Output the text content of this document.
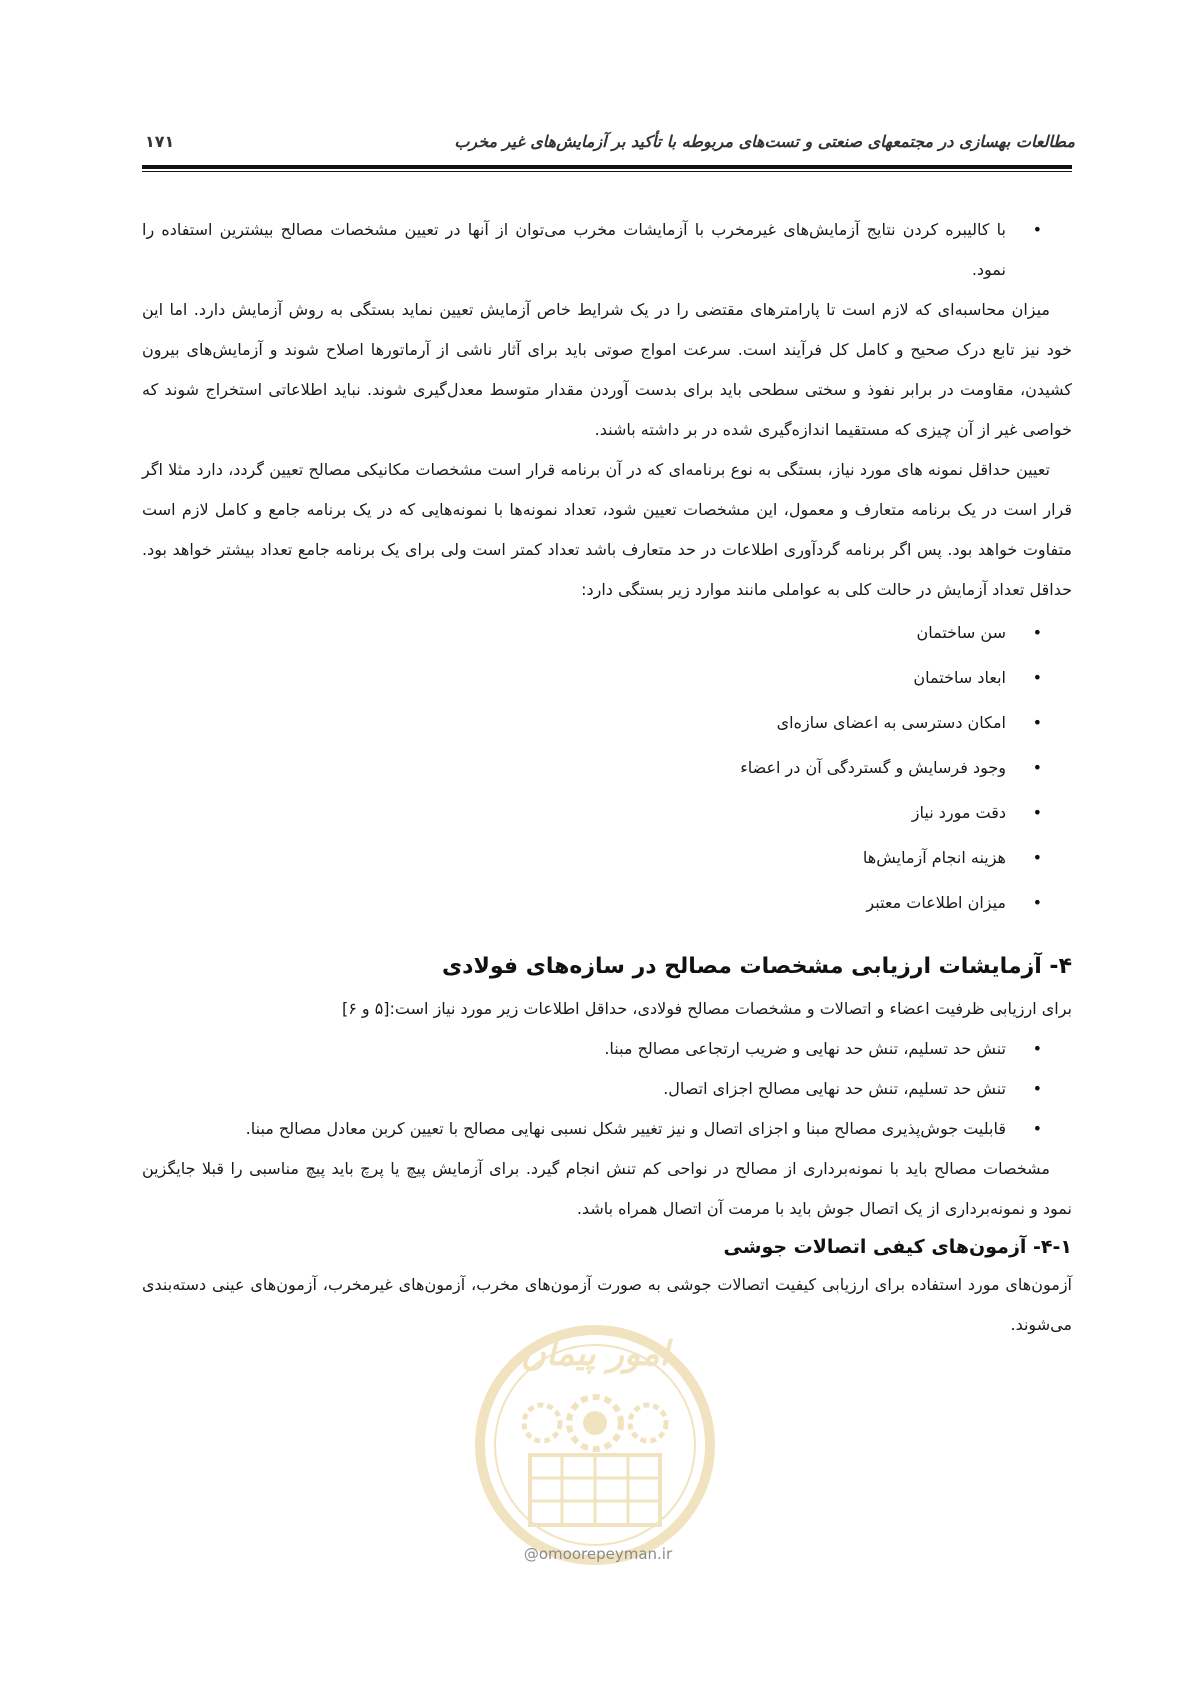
مطالعات بهسازی در مجتمعهای صنعتی و تست‌های مربوطه با تأکید بر آزمایش‌های غیر مخرب
۱۷۱
• با کالیبره کردن نتایج آزمایش‌های غیرمخرب با آزمایشات مخرب می‌توان از آنها در تعیین مشخصات مصالح بیشترین استفاده را نمود.

میزان محاسبه‌ای که لازم است تا پارامترهای مقتضی را در یک شرایط خاص آزمایش تعیین نماید بستگی به روش آزمایش دارد. اما این خود نیز تابع درک صحیح و کامل کل فرآیند است. سرعت امواج صوتی باید برای آثار ناشی از آرماتورها اصلاح شوند و آزمایش‌های بیرون کشیدن، مقاومت در برابر نفوذ و سختی سطحی باید برای بدست آوردن مقدار متوسط معدل‌گیری شوند. نباید اطلاعاتی استخراج شوند که خواصی غیر از آن چیزی که مستقیما اندازه‌گیری شده در بر داشته باشند.

تعیین حداقل نمونه های مورد نیاز، بستگی به نوع برنامه‌ای که در آن برنامه قرار است مشخصات مکانیکی مصالح تعیین گردد، دارد مثلا اگر قرار است در یک برنامه متعارف و معمول، این مشخصات تعیین شود، تعداد نمونه‌ها با نمونه‌هایی که در یک برنامه جامع و کامل لازم است متفاوت خواهد بود. پس اگر برنامه گردآوری اطلاعات در حد متعارف باشد تعداد کمتر است ولی برای یک برنامه جامع تعداد بیشتر خواهد بود. حداقل تعداد آزمایش در حالت کلی به عواملی مانند موارد زیر بستگی دارد:

• سن ساختمان
• ابعاد ساختمان
• امکان دسترسی به اعضای سازه‌ای
• وجود فرسایش و گستردگی آن در اعضاء
• دقت مورد نیاز
• هزینه انجام آزمایش‌ها
• میزان اطلاعات معتبر
۴- آزمایشات ارزیابی مشخصات مصالح در سازه‌های فولادی

برای ارزیابی ظرفیت اعضاء و اتصالات و مشخصات مصالح فولادی، حداقل اطلاعات زیر مورد نیاز است:[۵ و ۶]

• تنش حد تسلیم، تنش حد نهایی و ضریب ارتجاعی مصالح مبنا.
• تنش حد تسلیم، تنش حد نهایی مصالح اجزای اتصال.
• قابلیت جوش‌پذیری مصالح مبنا و اجزای اتصال و نیز تغییر شکل نسبی نهایی مصالح با تعیین کربن معادل مصالح مبنا.

مشخصات مصالح باید با نمونه‌برداری از مصالح در نواحی کم تنش انجام گیرد. برای آزمایش پیچ یا پرچ باید پیچ مناسبی را قبلا جایگزین نمود و نمونه‌برداری از یک اتصال جوش باید با مرمت آن اتصال همراه باشد.

۴-۱- آزمون‌های کیفی اتصالات جوشی

آزمون‌های مورد استفاده برای ارزیابی کیفیت اتصالات جوشی به صورت آزمون‌های مخرب، آزمون‌های غیرمخرب، آزمون‌های عینی دسته‌بندی می‌شوند.

امور پیمان
@omoorepeyman.ir
